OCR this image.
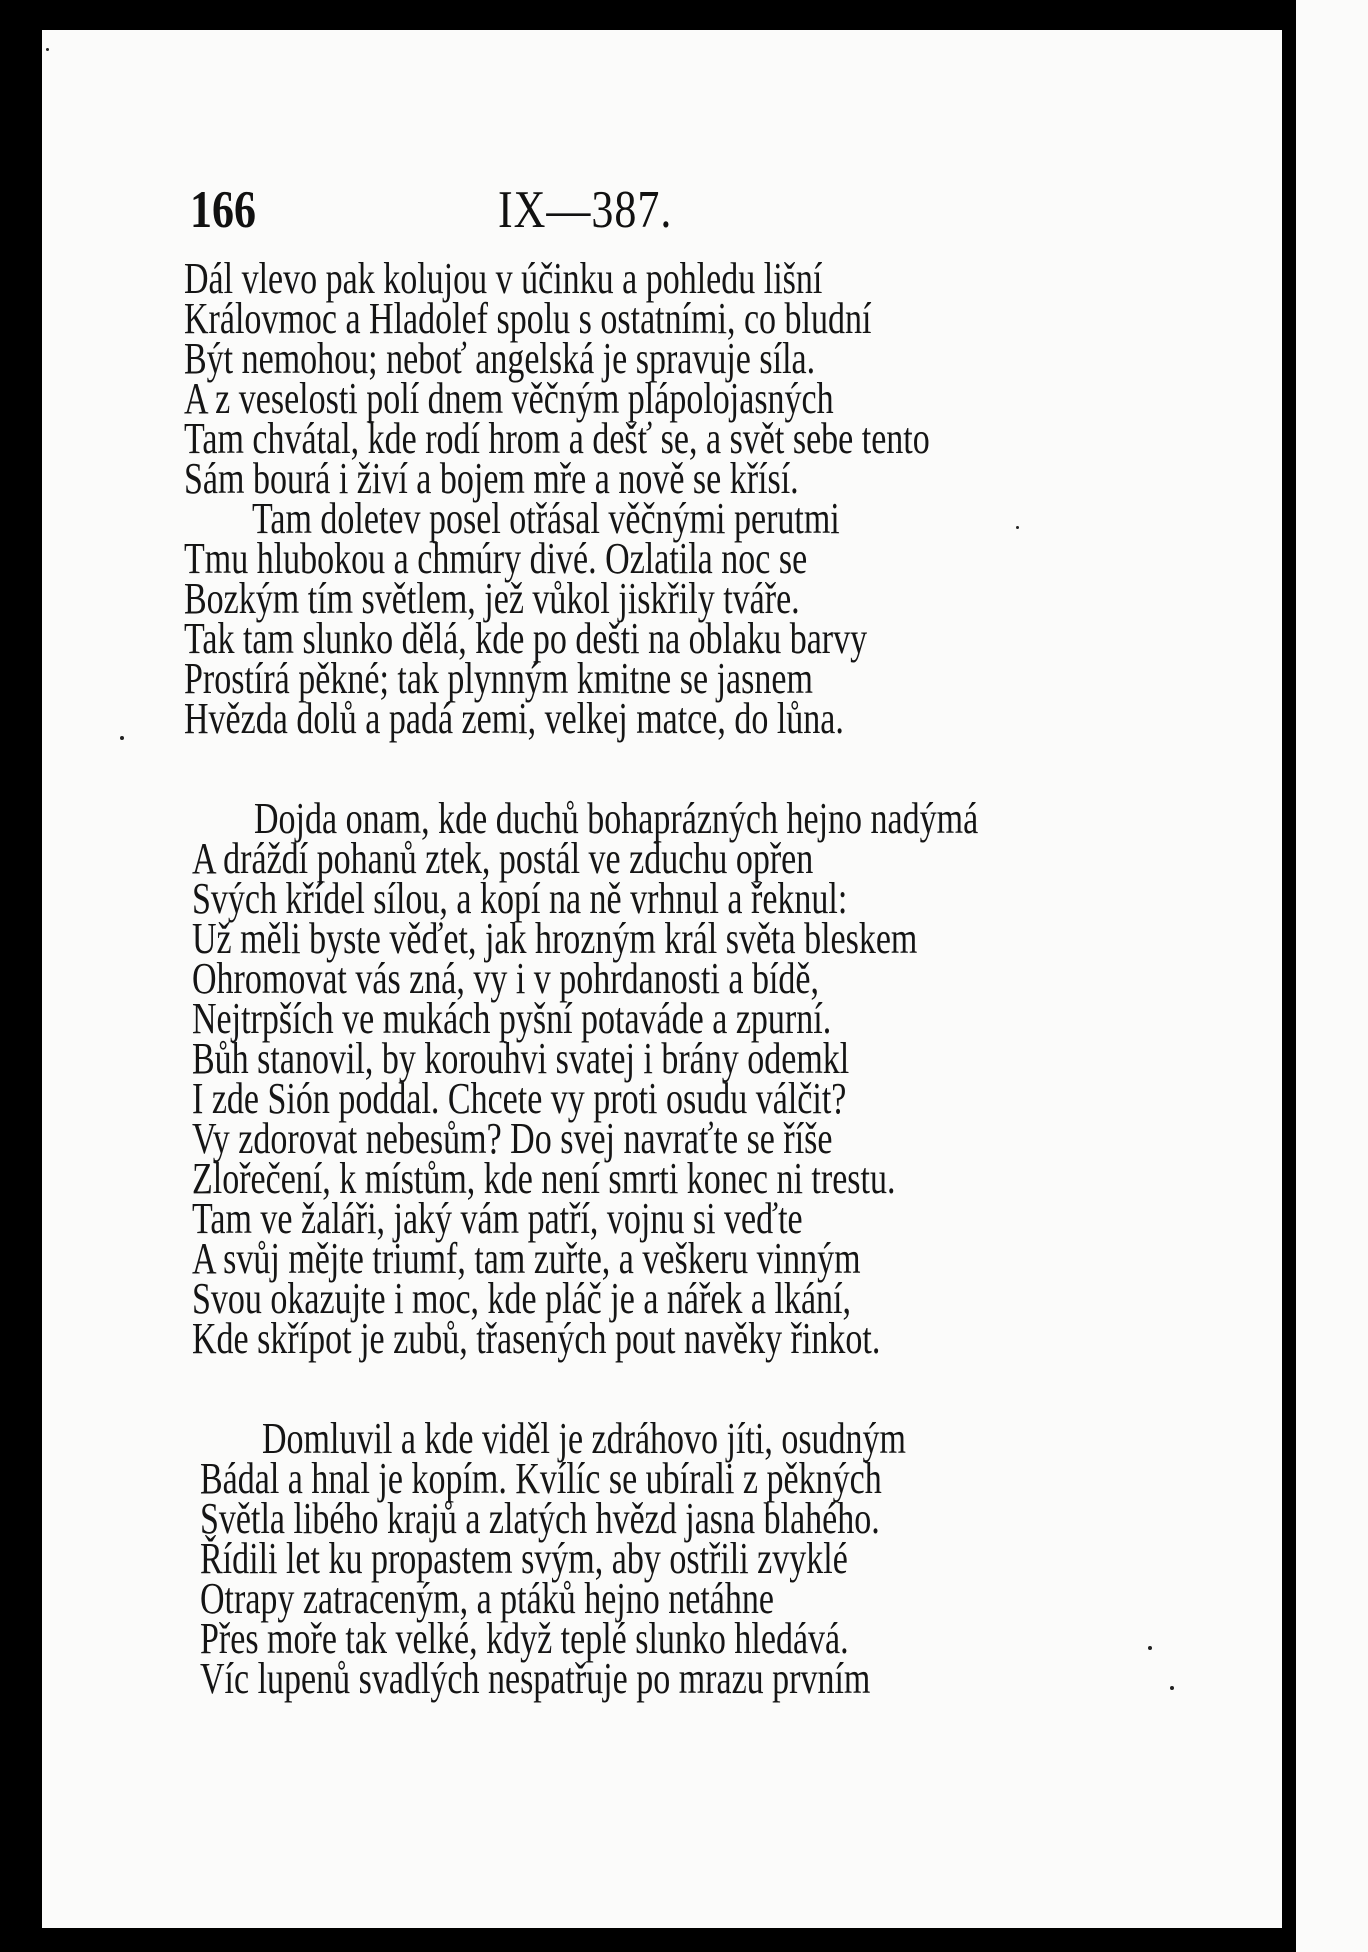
166	IX—387.
Dál vlevo pak kolujou v účinku a pohledu lišní
Královmoc a Hladolef spolu s ostatními, co bludní
Být nemohou; neboť angelská je spravuje síla.
A z veselosti polí dnem věčným plápolojasných
Tam chvátal, kde rodí hrom a dešť se, a svět sebe tento
Sám bourá i živí a bojem mře a nově se křísí.
Tam doletev posel otřásal věčnými perutmi
Tmu hlubokou a chmúry divé. Ozlatila noc se
Bozkým tím světlem, jež vůkol jiskřily tváře.
Tak tam slunko dělá, kde po dešti na oblaku barvy
Prostírá pěkné; tak plynným kmitne se jasnem
Hvězda dolů a padá zemi, velkej matce, do lůna.
Dojda onam, kde duchů bohaprázných hejno nadýmá
A dráždí pohanů ztek, postál ve zduchu opřen
Svých křídel sílou, a kopí na ně vrhnul a řeknul:
Už měli byste věďet, jak hrozným král světa bleskem
Ohromovat vás zná, vy i v pohrdanosti a bídě,
Nejtrpších ve mukách pyšní potaváde a zpurní.
Bůh stanovil, by korouhvi svatej i brány odemkl
I zde Sión poddal. Chcete vy proti osudu válčit?
Vy zdorovat nebesům? Do svej navraťte se říše
Zlořečení, k místům, kde není smrti konec ni trestu.
Tam ve žaláři, jaký vám patří, vojnu si veďte
A svůj mějte triumf, tam zuřte, a veškeru vinným
Svou okazujte i moc, kde pláč je a nářek a lkání,
Kde skřípot je zubů, třasených pout navěky řinkot.
Domluvil a kde viděl je zdráhovo jíti, osudným
Bádal a hnal je kopím. Kvílíc se ubírali z pěkných
Světla libého krajů a zlatých hvězd jasna blahého.
Řídili let ku propastem svým, aby ostřili zvyklé
Otrapy zatraceným, a ptáků hejno netáhne
Přes moře tak velké, když teplé slunko hledává.
Víc lupenů svadlých nespatřuje po mrazu prvním
